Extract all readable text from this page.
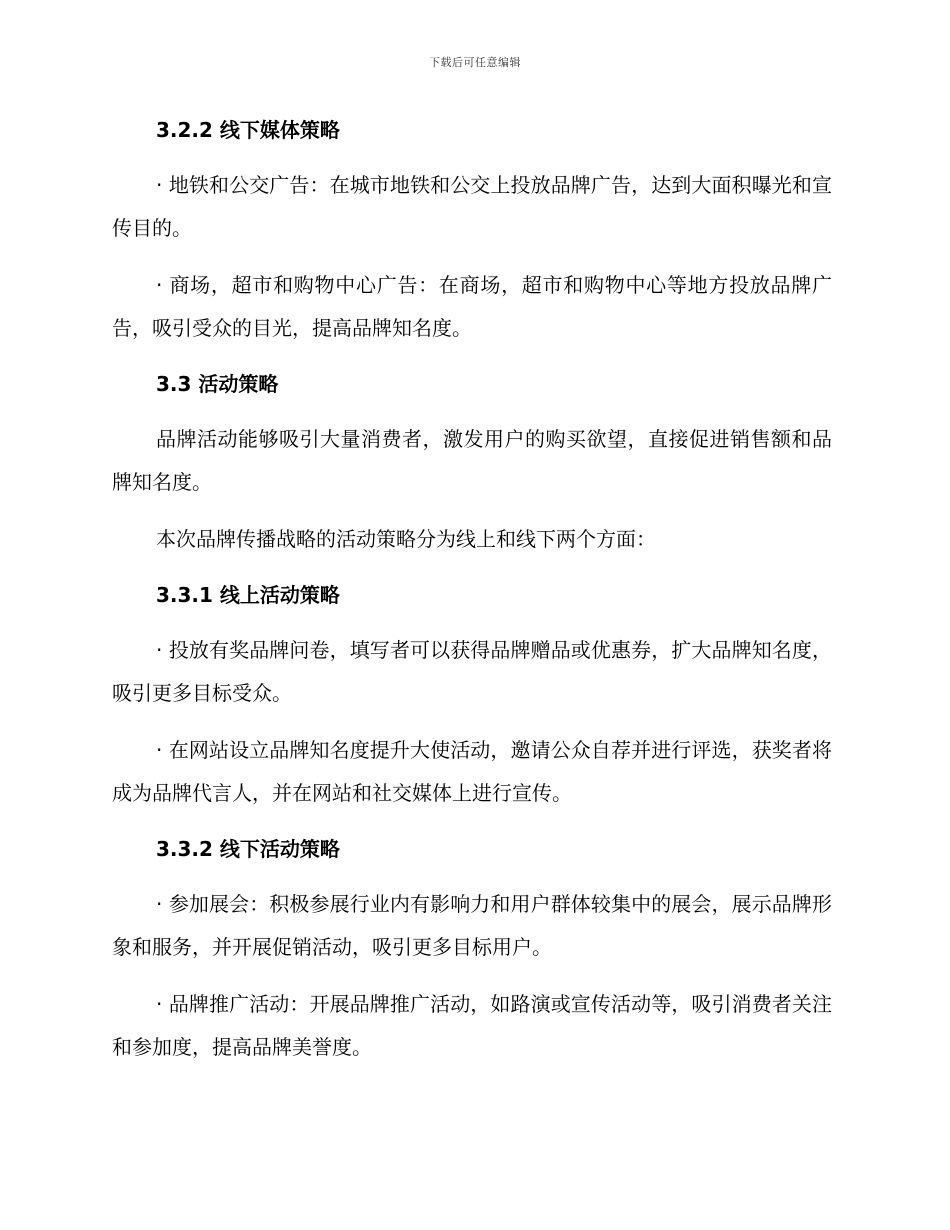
下载后可任意编辑
3.2.2 线下媒体策略

· 地铁和公交广告：在城市地铁和公交上投放品牌广告，达到大面积曝光和宣传目的。

· 商场，超市和购物中心广告：在商场，超市和购物中心等地方投放品牌广告，吸引受众的目光，提高品牌知名度。

3.3 活动策略

品牌活动能够吸引大量消费者，激发用户的购买欲望，直接促进销售额和品牌知名度。

本次品牌传播战略的活动策略分为线上和线下两个方面：

3.3.1 线上活动策略

· 投放有奖品牌问卷，填写者可以获得品牌赠品或优惠券，扩大品牌知名度，吸引更多目标受众。

· 在网站设立品牌知名度提升大使活动，邀请公众自荐并进行评选，获奖者将成为品牌代言人，并在网站和社交媒体上进行宣传。

3.3.2 线下活动策略

· 参加展会：积极参展行业内有影响力和用户群体较集中的展会，展示品牌形象和服务，并开展促销活动，吸引更多目标用户。

· 品牌推广活动：开展品牌推广活动，如路演或宣传活动等，吸引消费者关注和参加度，提高品牌美誉度。
